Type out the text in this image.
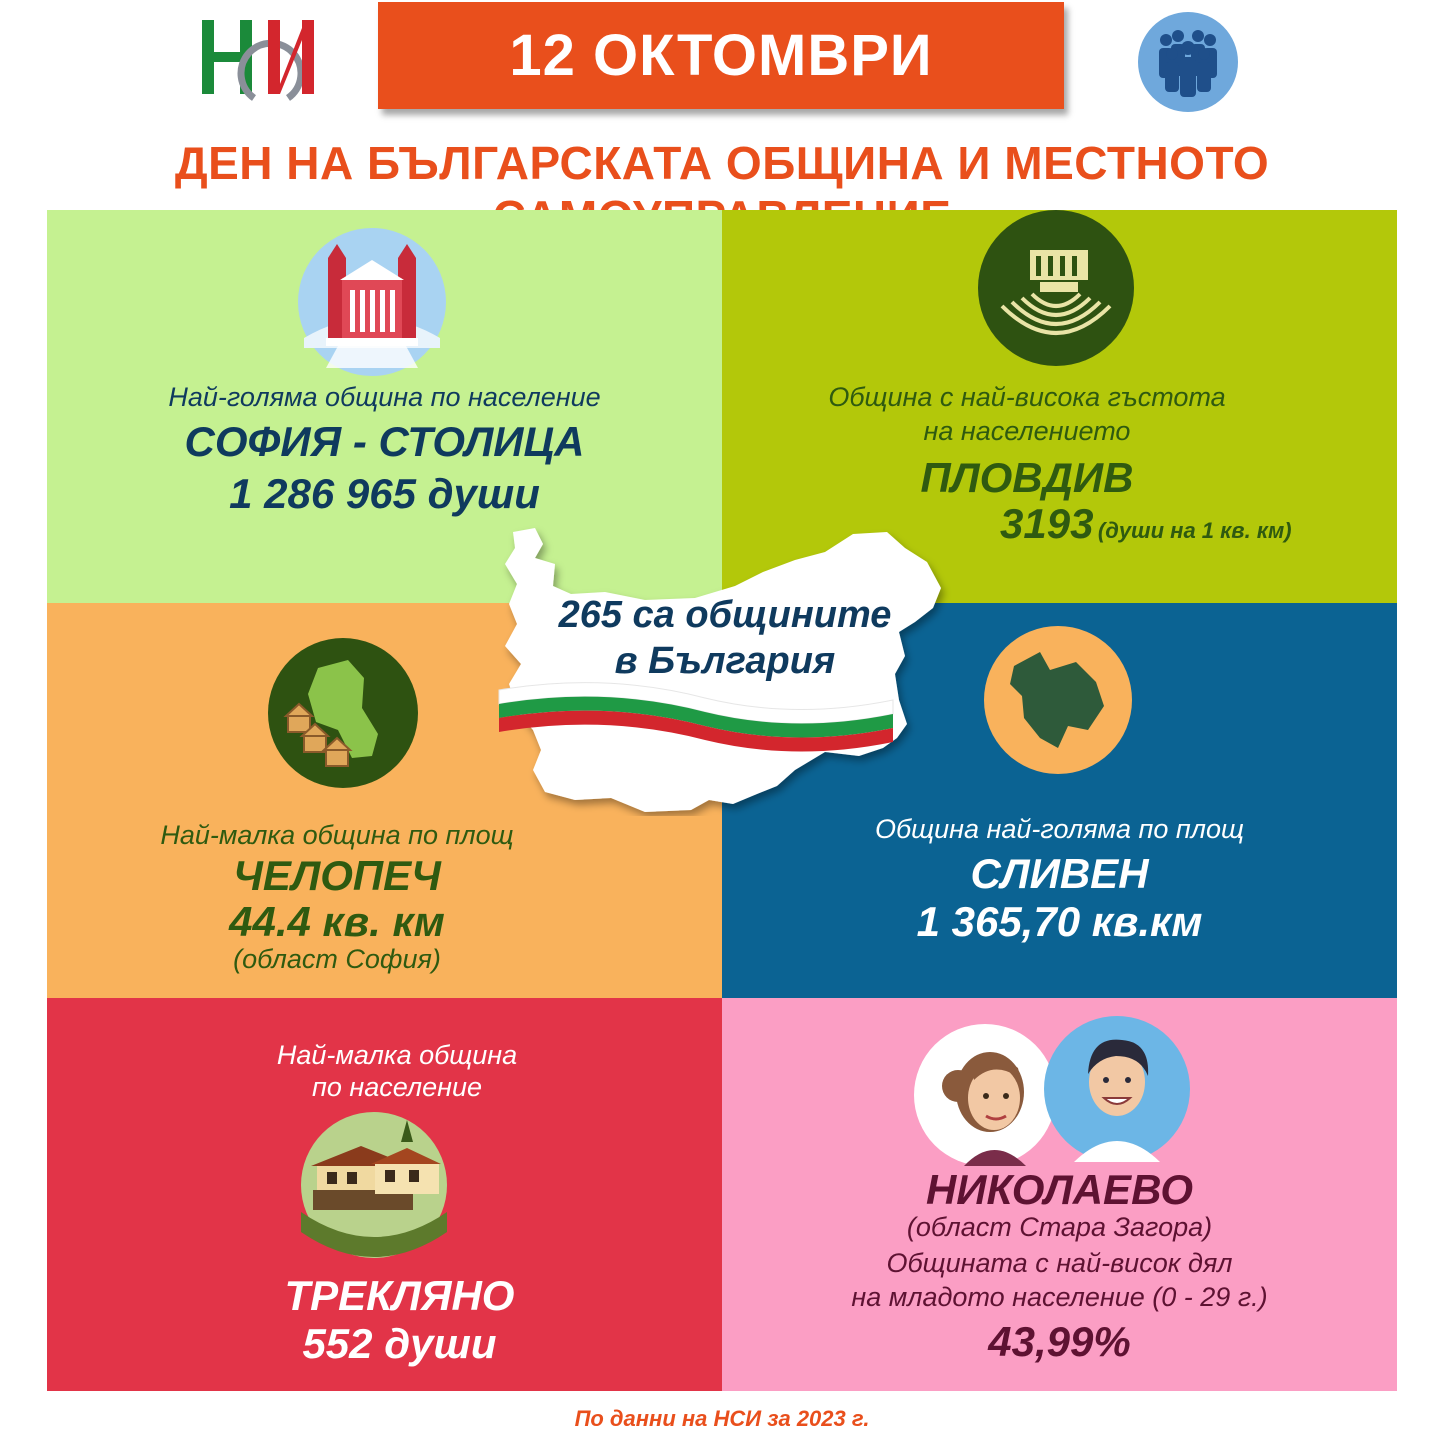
12 ОКТОМВРИ
ДЕН НА БЪЛГАРСКАТА ОБЩИНА И МЕСТНОТО
Най-голяма община по население
СОФИЯ - СТОЛИЦА
1 286 965 души
Община с най-висока гъстота
на населението
ПЛОВДИВ
3193 (души на 1 кв. км)
Най-малка община по площ
ЧЕЛОПЕЧ
44.4 кв. км
(област София)
Община най-голяма по площ
СЛИВЕН
1 365,70 кв.км
Най-малка община
по население
ТРЕКЛЯНО
552 души
НИКОЛАЕВО
(област Стара Загора)
Общината с най-висок дял
на младото население (0 - 29 г.)
43,99%
265 са общините
в България
По данни на НСИ за 2023 г.
